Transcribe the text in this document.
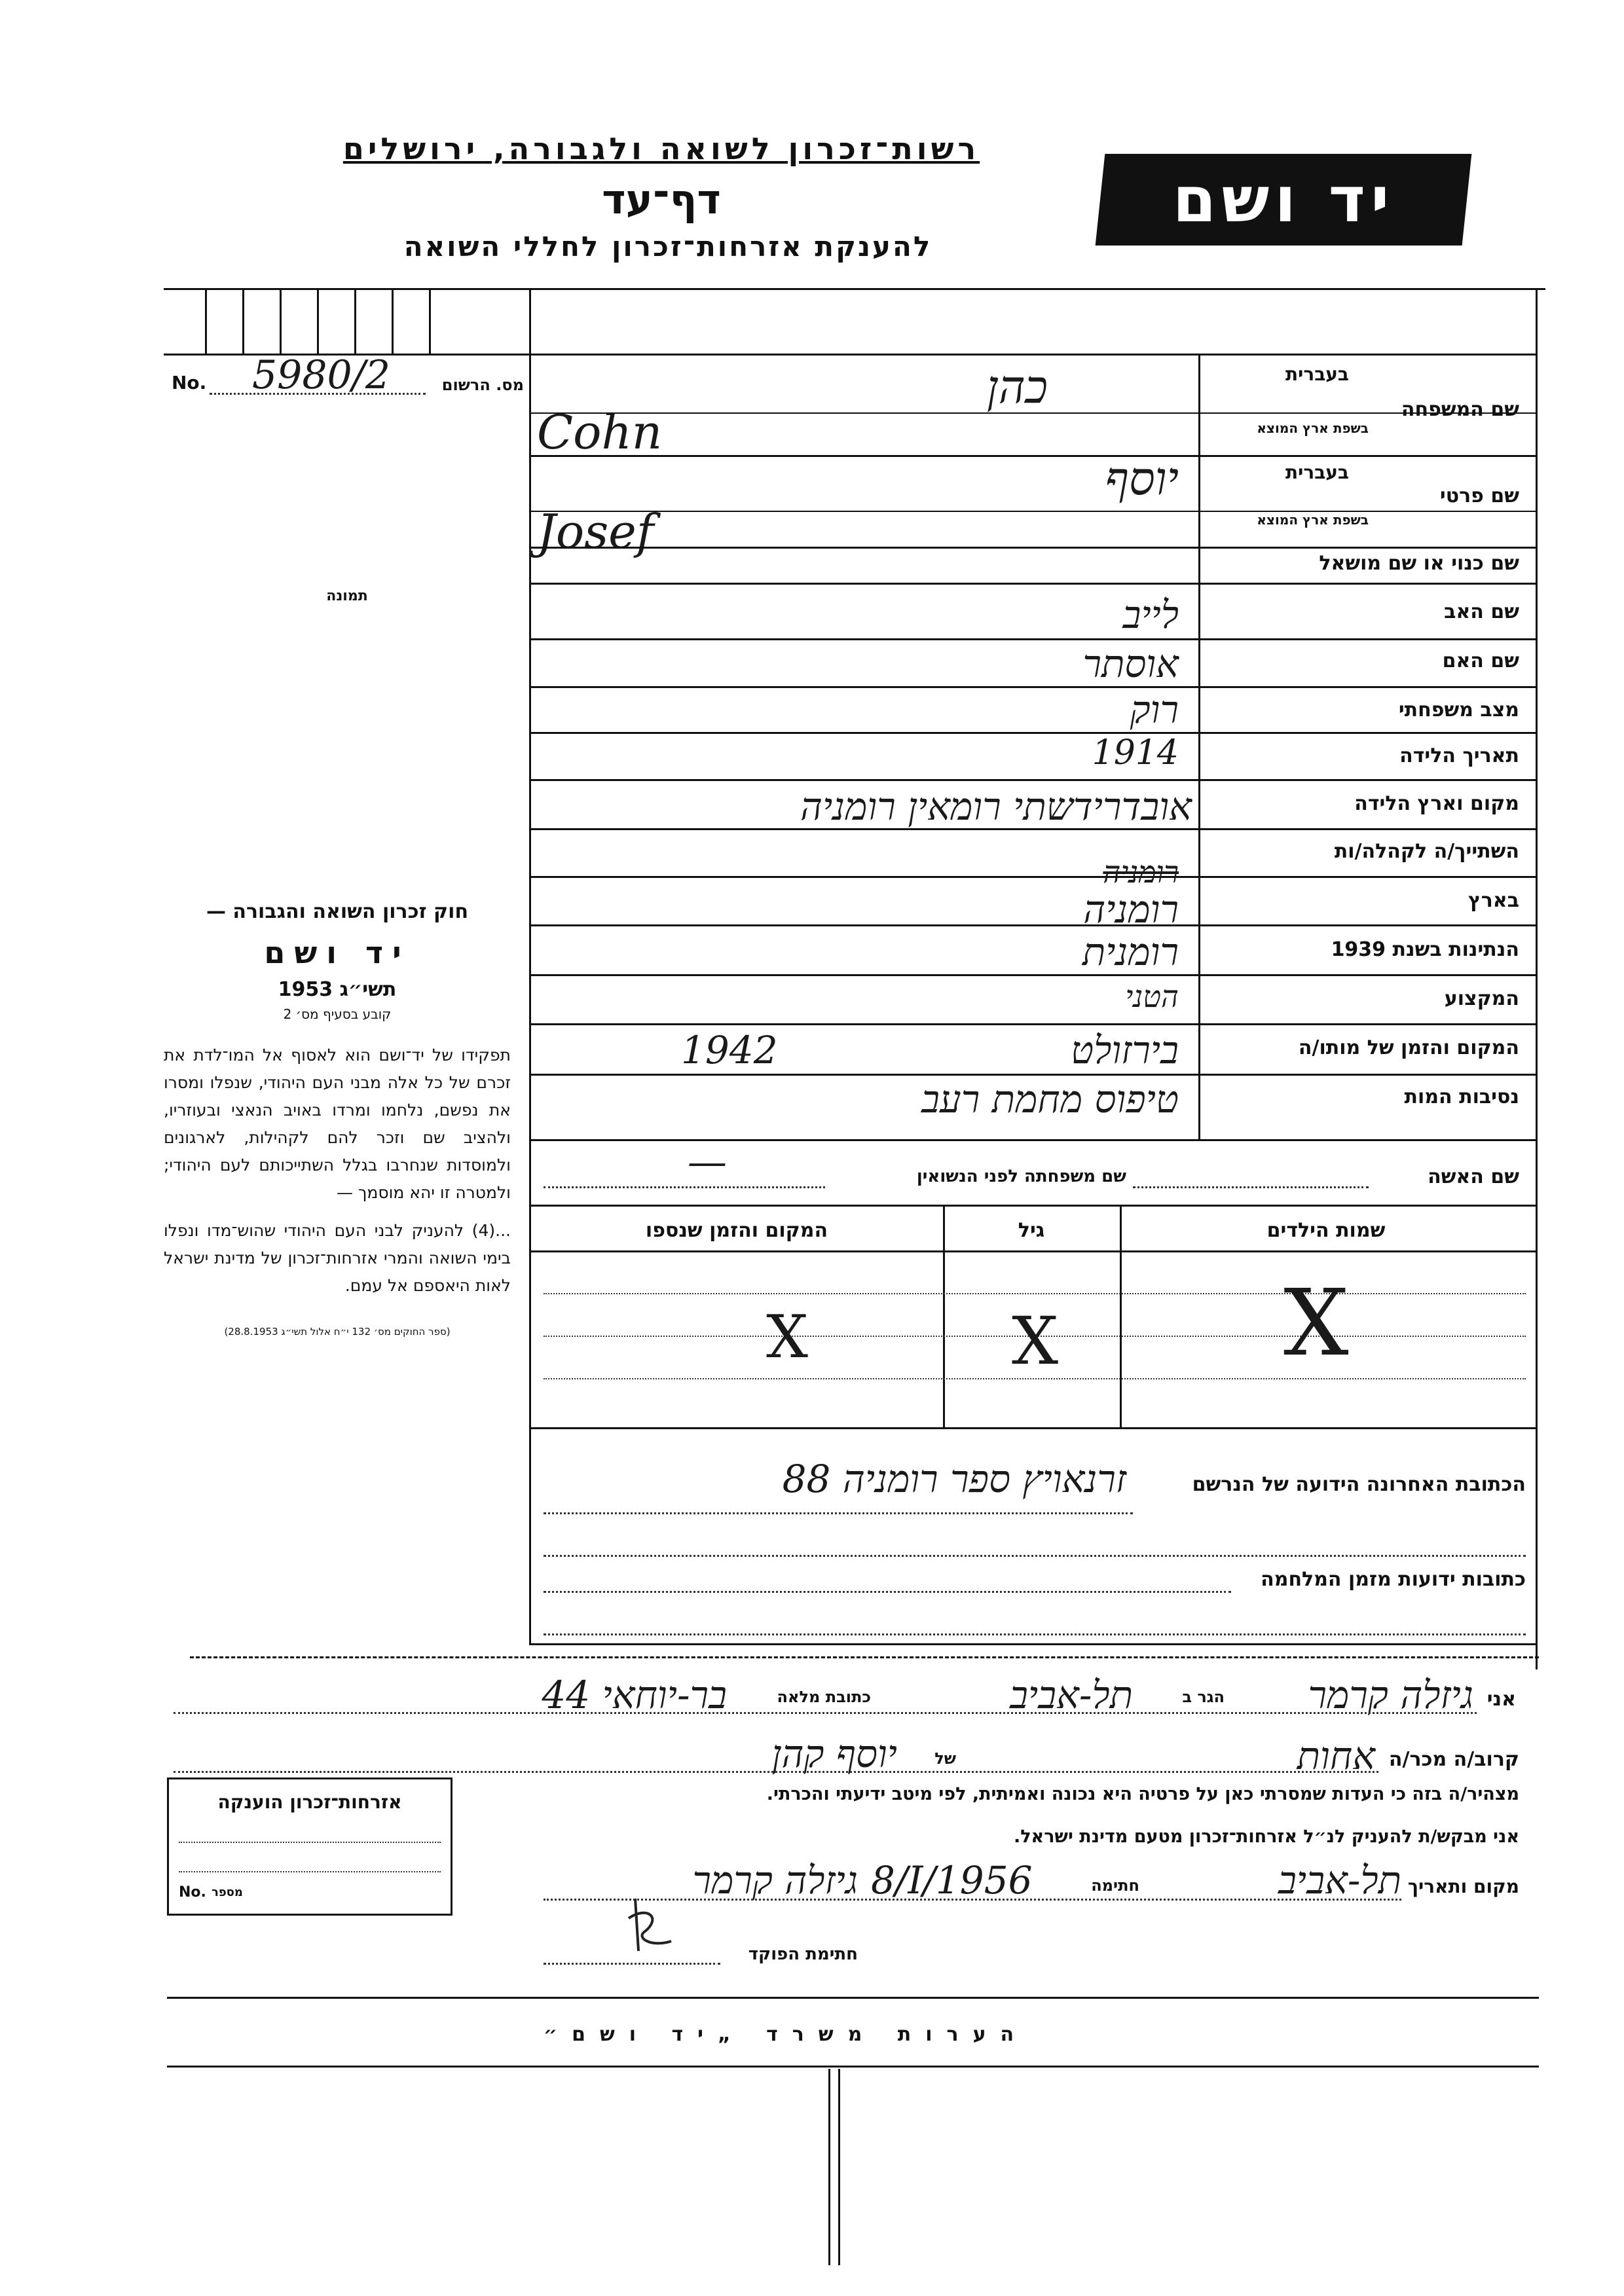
רשות־זכרון לשואה ולגבורה, ירושלים
דף־עד
להענקת אזרחות־זכרון לחללי השואה
יד ושם
No. 5980/2	מס. הרשום
תמונה
שם המשפחה
בעברית
בשפת ארץ המוצא
כהן
Cohn
שם פרטי
בעברית
בשפת ארץ המוצא
יוסף
Josef
שם כנוי או שם מושאל
שם האב
לייב
שם האם
אוסתר
מצב משפחתי
רוק
תאריך הלידה
1914
מקום וארץ הלידה
אובדרידשתי רומאין רומניה
השתייך/ה לקהלה/ות
בארץ
רומניה
רומניה
הנתינות בשנת 1939
רומנית
המקצוע
הטני
המקום והזמן של מותו/ה
בירזולט
1942
נסיבות המות
טיפוס מחמת רעב
שם האשה
שם משפחתה לפני הנשואין
—
שמות הילדים
גיל
המקום והזמן שנספו
X
X
X
הכתובת האחרונה הידועה של הנרשם
זרנאויץ ספר רומניה 88
כתובות ידועות מזמן המלחמה

חוק זכרון השואה והגבורה —

יד ושם

תשי״ג 1953

קובע בסעיף מס׳ 2

תפקידו של יד־ושם הוא לאסוף אל המו־לדת את זכרם של כל אלה מבני העם היהודי, שנפלו ומסרו את נפשם, נלחמו ומרדו באויב הנאצי ובעוזריו, ולהציב שם וזכר להם לקהילות, לארגונים ולמוסדות שנחרבו בגלל השתייכותם לעם היהודי; ולמטרה זו יהא מוסמך —

...(4) להעניק לבני העם היהודי שהוש־מדו ונפלו בימי השואה והמרי אזרחות־זכרון של מדינת ישראל לאות היאספם אל עמם.

(ספר החוקים מס׳ 132 י״ח אלול תשי״ג 28.8.1953)

אני
גיזלה קרמר
הגר ב
תל-אביב
כתובת מלאה
בר-יוחאי 44
קרוב/ה מכר/ה
אחות
של
יוסף קהן
מצהיר/ה בזה כי העדות שמסרתי כאן על פרטיה היא נכונה ואמיתית, לפי מיטב ידיעתי והכרתי.
אני מבקש/ת להעניק לנ״ל אזרחות־זכרון מטעם מדינת ישראל.
מקום ותאריך
תל-אביב
8/I/1956	חתימה
גיזלה קרמר
חתימת הפוקד
אזרחות־זכרון הוענקה
No. מספר
הערות משרד „יד ושם״
